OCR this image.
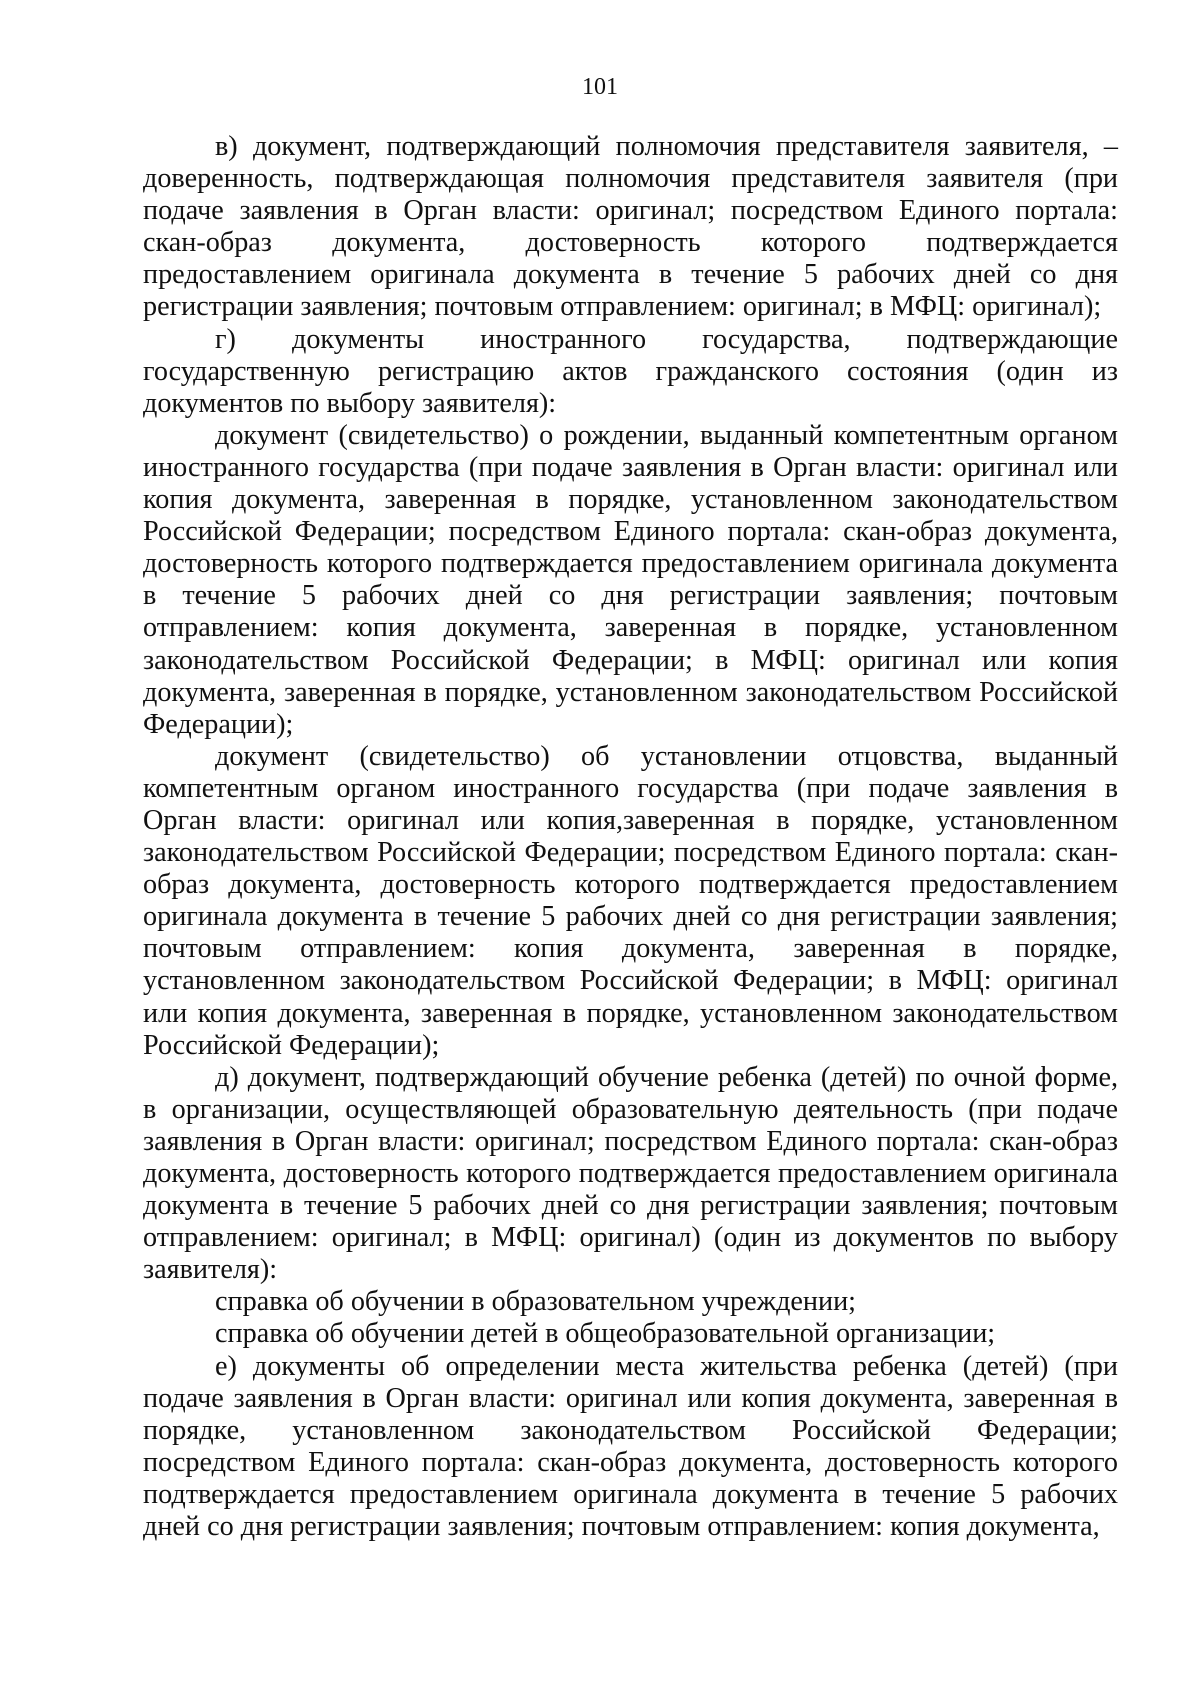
101

в) документ, подтверждающий полномочия представителя заявителя, – доверенность, подтверждающая полномочия представителя заявителя (при подаче заявления в Орган власти: оригинал; посредством Единого портала: скан-образ документа, достоверность которого подтверждается предоставлением оригинала документа в течение 5 рабочих дней со дня регистрации заявления; почтовым отправлением: оригинал; в МФЦ: оригинал);

г) документы иностранного государства, подтверждающие государственную регистрацию актов гражданского состояния (один из документов по выбору заявителя):

документ (свидетельство) о рождении, выданный компетентным органом иностранного государства (при подаче заявления в Орган власти: оригинал или копия документа, заверенная в порядке, установленном законодательством Российской Федерации; посредством Единого портала: скан-образ документа, достоверность которого подтверждается предоставлением оригинала документа в течение 5 рабочих дней со дня регистрации заявления; почтовым отправлением: копия документа, заверенная в порядке, установленном законодательством Российской Федерации; в МФЦ: оригинал или копия документа, заверенная в порядке, установленном законодательством Российской Федерации);

документ (свидетельство) об установлении отцовства, выданный компетентным органом иностранного государства (при подаче заявления в Орган власти: оригинал или копия,заверенная в порядке, установленном законодательством Российской Федерации; посредством Единого портала: скан-образ документа, достоверность которого подтверждается предоставлением оригинала документа в течение 5 рабочих дней со дня регистрации заявления; почтовым отправлением: копия документа, заверенная в порядке, установленном законодательством Российской Федерации; в МФЦ: оригинал или копия документа, заверенная в порядке, установленном законодательством Российской Федерации);

д) документ, подтверждающий обучение ребенка (детей) по очной форме, в организации, осуществляющей образовательную деятельность (при подаче заявления в Орган власти: оригинал; посредством Единого портала: скан-образ документа, достоверность которого подтверждается предоставлением оригинала документа в течение 5 рабочих дней со дня регистрации заявления; почтовым отправлением: оригинал; в МФЦ: оригинал) (один из документов по выбору заявителя):

справка об обучении в образовательном учреждении;

справка об обучении детей в общеобразовательной организации;

е) документы об определении места жительства ребенка (детей) (при подаче заявления в Орган власти: оригинал или копия документа, заверенная в порядке, установленном законодательством Российской Федерации; посредством Единого портала: скан-образ документа, достоверность которого подтверждается предоставлением оригинала документа в течение 5 рабочих дней со дня регистрации заявления; почтовым отправлением: копия документа,
